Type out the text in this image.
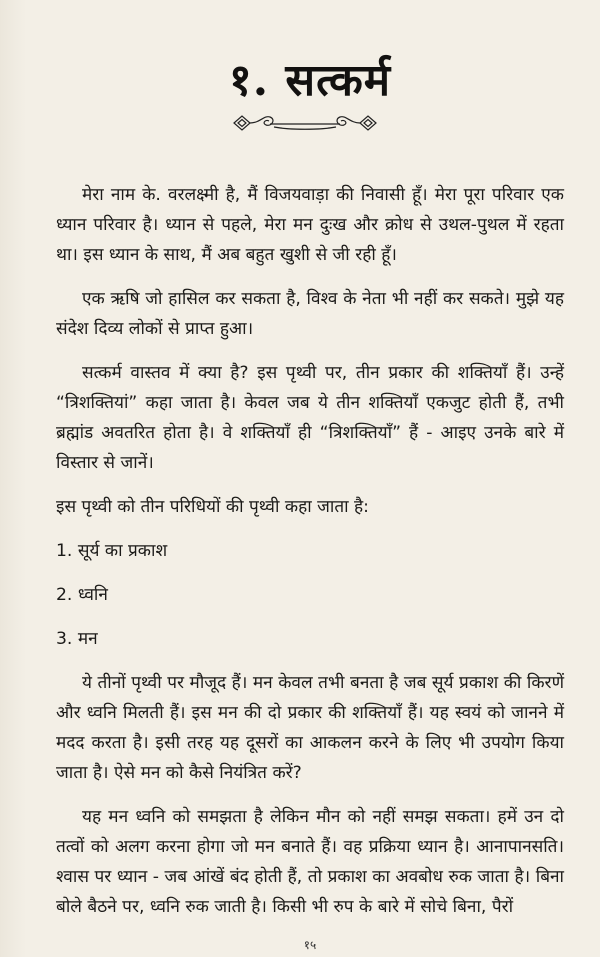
१. सत्कर्म

मेरा नाम के. वरलक्ष्मी है, मैं विजयवाड़ा की निवासी हूँ। मेरा पूरा परिवार एक ध्यान परिवार है। ध्यान से पहले, मेरा मन दुःख और क्रोध से उथल-पुथल में रहता था। इस ध्यान के साथ, मैं अब बहुत खुशी से जी रही हूँ।

एक ऋषि जो हासिल कर सकता है, विश्व के नेता भी नहीं कर सकते। मुझे यह संदेश दिव्य लोकों से प्राप्त हुआ।

सत्कर्म वास्तव में क्या है? इस पृथ्वी पर, तीन प्रकार की शक्तियाँ हैं। उन्हें “त्रिशक्तियां” कहा जाता है। केवल जब ये तीन शक्तियाँ एकजुट होती हैं, तभी ब्रह्मांड अवतरित होता है। वे शक्तियाँ ही “त्रिशक्तियाँ” हैं - आइए उनके बारे में विस्तार से जानें।

इस पृथ्वी को तीन परिधियों की पृथ्वी कहा जाता है:

1. सूर्य का प्रकाश
2. ध्वनि
3. मन

ये तीनों पृथ्वी पर मौजूद हैं। मन केवल तभी बनता है जब सूर्य प्रकाश की किरणें और ध्वनि मिलती हैं। इस मन की दो प्रकार की शक्तियाँ हैं। यह स्वयं को जानने में मदद करता है। इसी तरह यह दूसरों का आकलन करने के लिए भी उपयोग किया जाता है। ऐसे मन को कैसे नियंत्रित करें?

यह मन ध्वनि को समझता है लेकिन मौन को नहीं समझ सकता। हमें उन दो तत्वों को अलग करना होगा जो मन बनाते हैं। वह प्रक्रिया ध्यान है। आनापानसति। श्वास पर ध्यान - जब आंखें बंद होती हैं, तो प्रकाश का अवबोध रुक जाता है। बिना बोले बैठने पर, ध्वनि रुक जाती है। किसी भी रुप के बारे में सोचे बिना, पैरों

१५
